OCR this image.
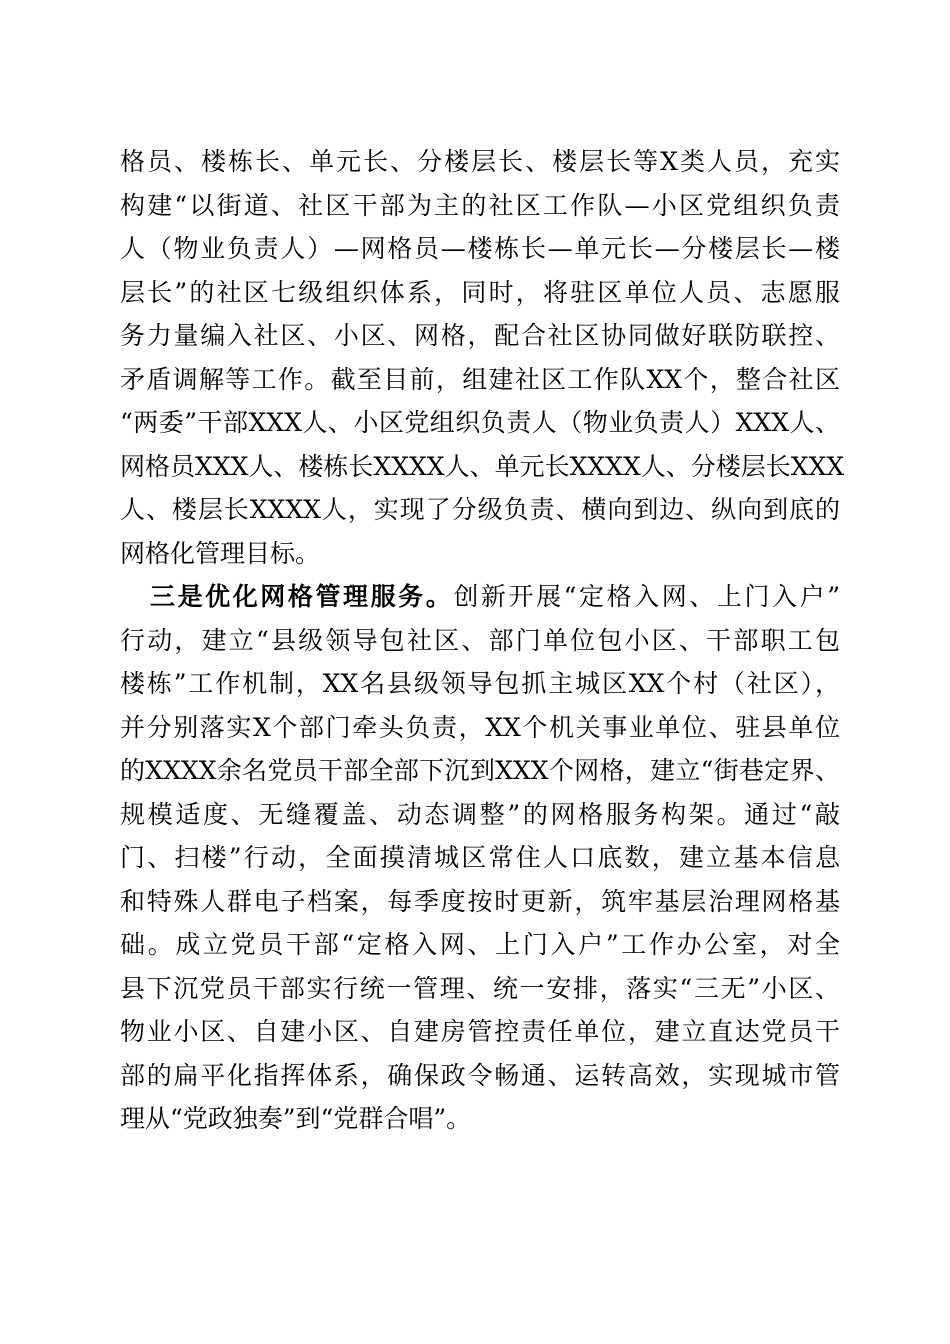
格员、楼栋长、单元长、分楼层长、楼层长等X类人员，充实
构建“以街道、社区干部为主的社区工作队—小区党组织负责
人（物业负责人）—网格员—楼栋长—单元长—分楼层长—楼
层长”的社区七级组织体系，同时，将驻区单位人员、志愿服
务力量编入社区、小区、网格，配合社区协同做好联防联控、
矛盾调解等工作。截至目前，组建社区工作队XX个，整合社区
“两委”干部XXX人、小区党组织负责人（物业负责人）XXX人、
网格员XXX人、楼栋长XXXX人、单元长XXXX人、分楼层长XXX
人、楼层长XXXX人，实现了分级负责、横向到边、纵向到底的
网格化管理目标。
三是优化网格管理服务。创新开展“定格入网、上门入户”
行动，建立“县级领导包社区、部门单位包小区、干部职工包
楼栋”工作机制，XX名县级领导包抓主城区XX个村（社区），
并分别落实X个部门牵头负责，XX个机关事业单位、驻县单位
的XXXX余名党员干部全部下沉到XXX个网格，建立“街巷定界、
规模适度、无缝覆盖、动态调整”的网格服务构架。通过“敲
门、扫楼”行动，全面摸清城区常住人口底数，建立基本信息
和特殊人群电子档案，每季度按时更新，筑牢基层治理网格基
础。成立党员干部“定格入网、上门入户”工作办公室，对全
县下沉党员干部实行统一管理、统一安排，落实“三无”小区、
物业小区、自建小区、自建房管控责任单位，建立直达党员干
部的扁平化指挥体系，确保政令畅通、运转高效，实现城市管
理从“党政独奏”到“党群合唱”。
